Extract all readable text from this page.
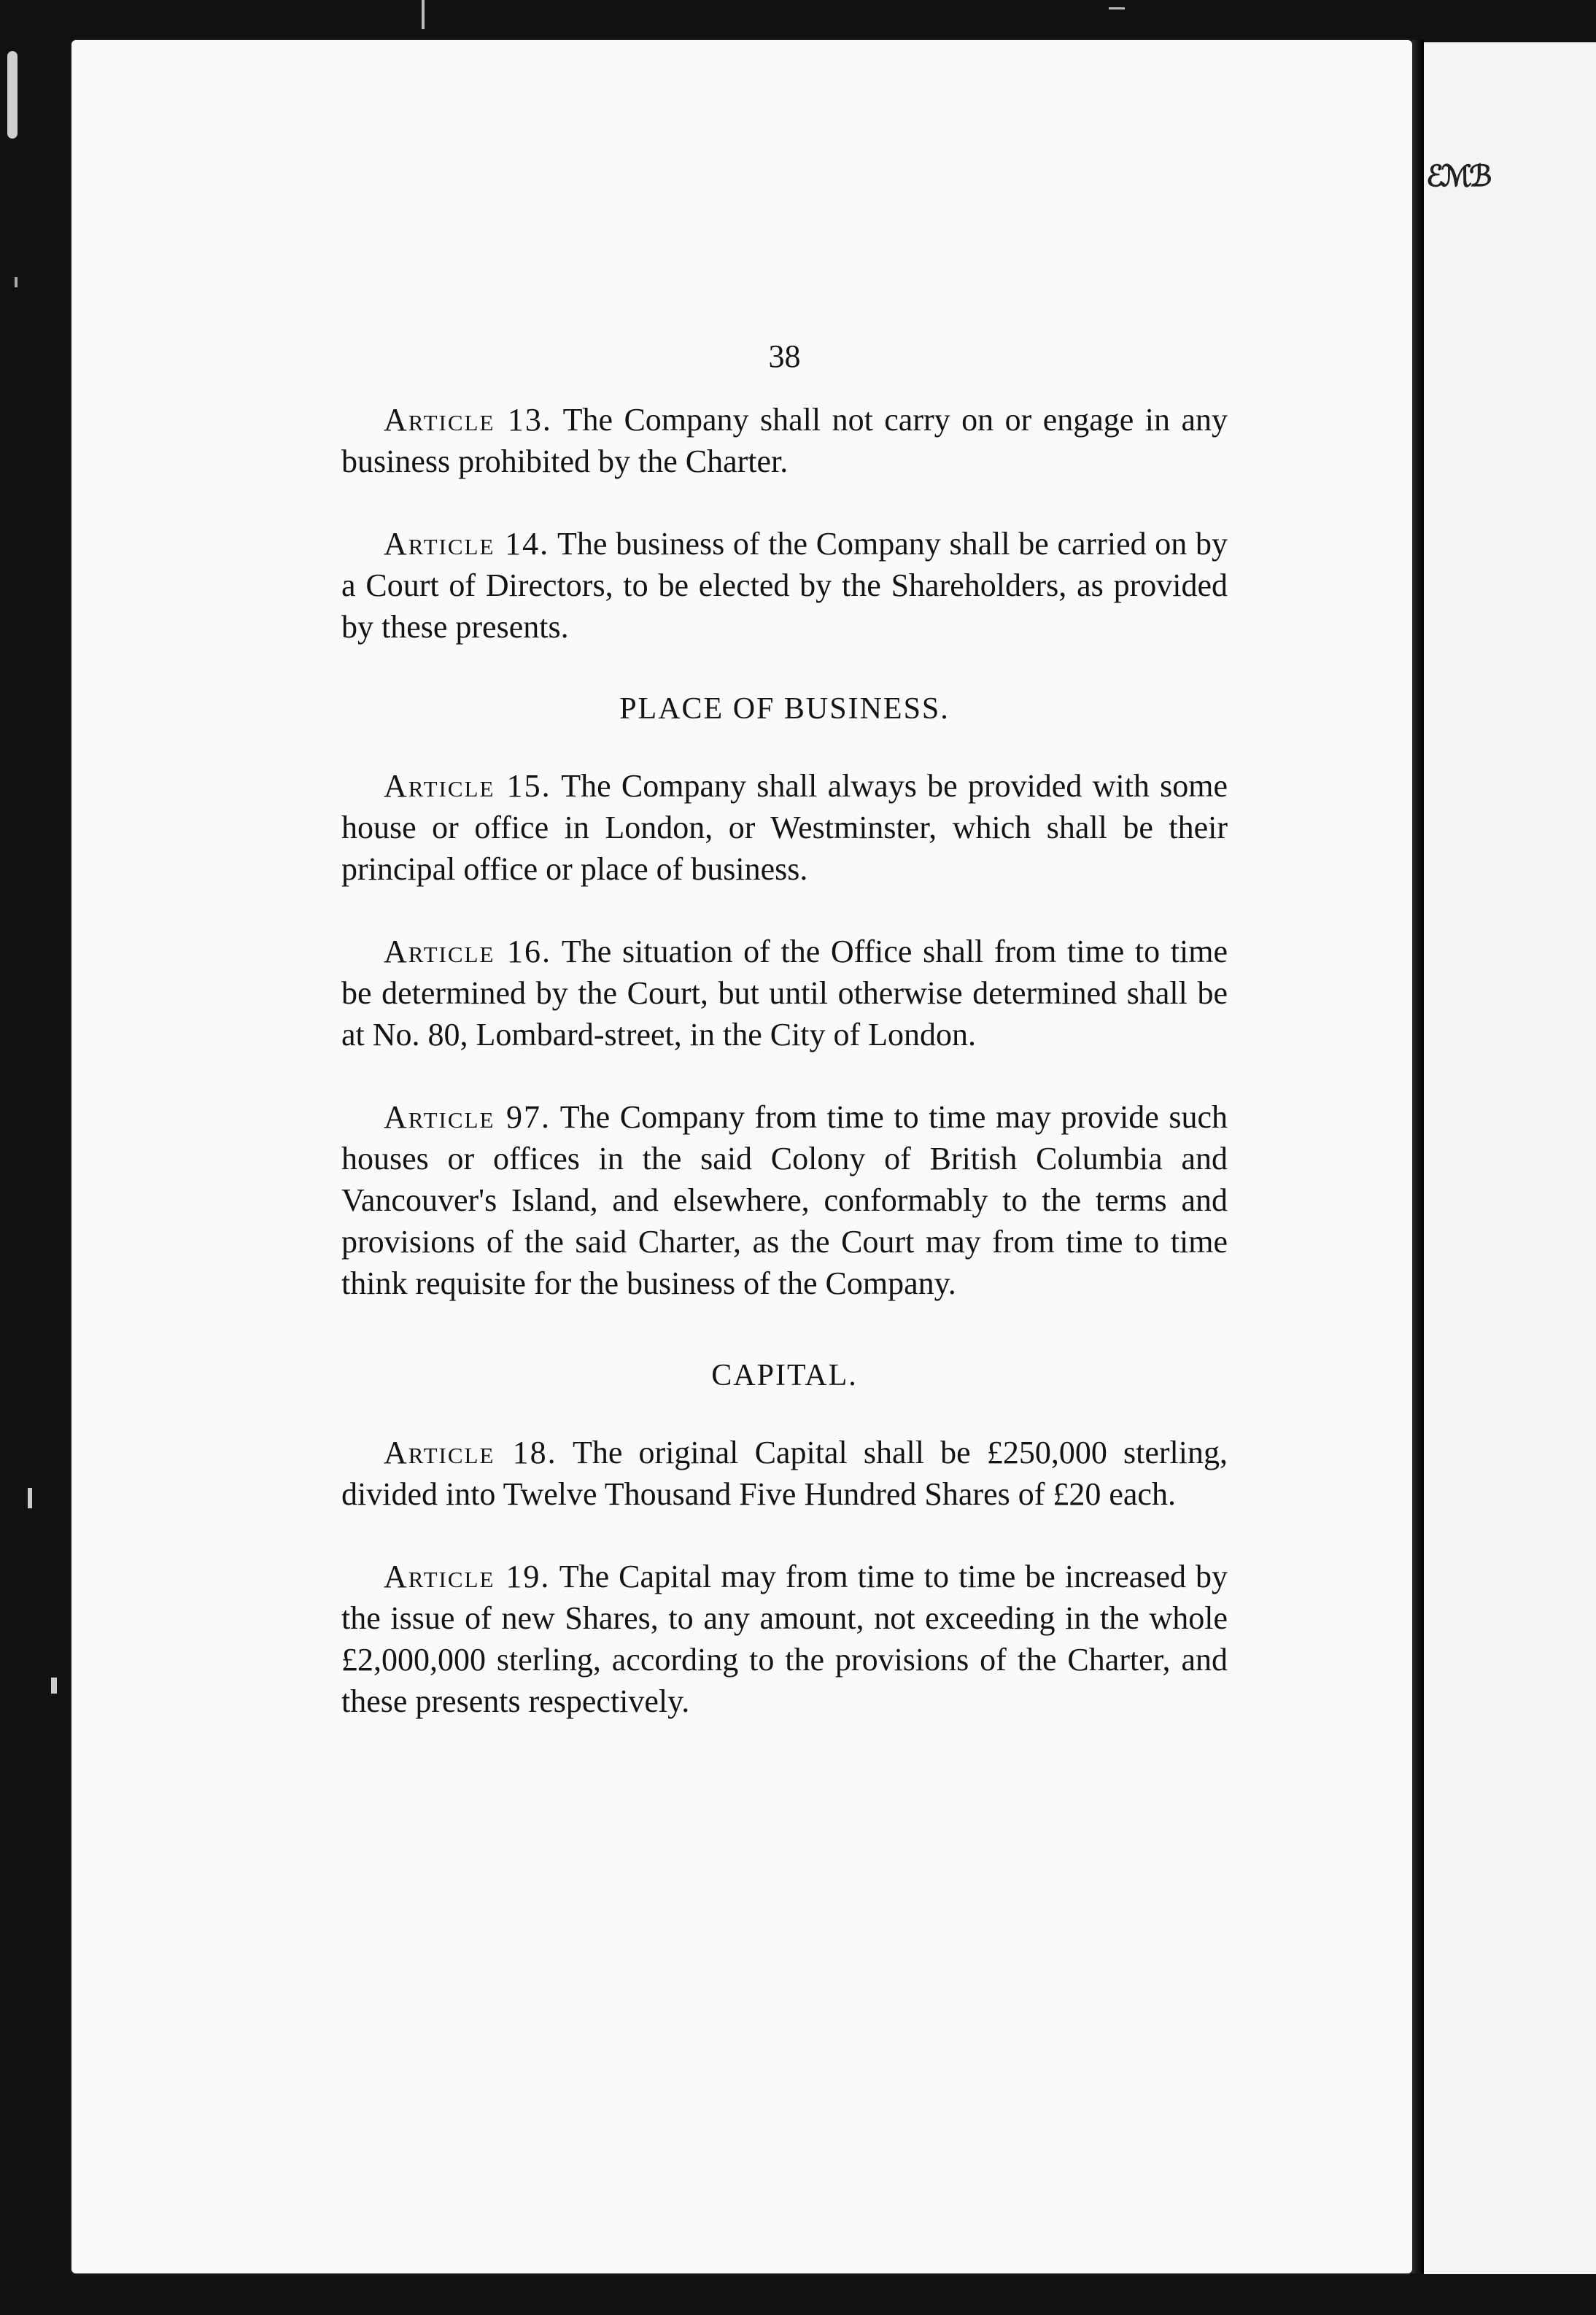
ℰℳℬ
38

Article 13. The Company shall not carry on or engage in any business prohibited by the Charter.

Article 14. The business of the Company shall be carried on by a Court of Directors, to be elected by the Shareholders, as provided by these presents.

PLACE OF BUSINESS.

Article 15. The Company shall always be provided with some house or office in London, or Westminster, which shall be their principal office or place of business.

Article 16. The situation of the Office shall from time to time be determined by the Court, but until otherwise determined shall be at No. 80, Lombard-street, in the City of London.

Article 97. The Company from time to time may provide such houses or offices in the said Colony of British Columbia and Vancouver's Island, and elsewhere, conformably to the terms and provisions of the said Charter, as the Court may from time to time think requisite for the business of the Company.

CAPITAL.

Article 18. The original Capital shall be £250,000 sterling, divided into Twelve Thousand Five Hundred Shares of £20 each.

Article 19. The Capital may from time to time be increased by the issue of new Shares, to any amount, not exceeding in the whole £2,000,000 sterling, according to the provisions of the Charter, and these presents respectively.
